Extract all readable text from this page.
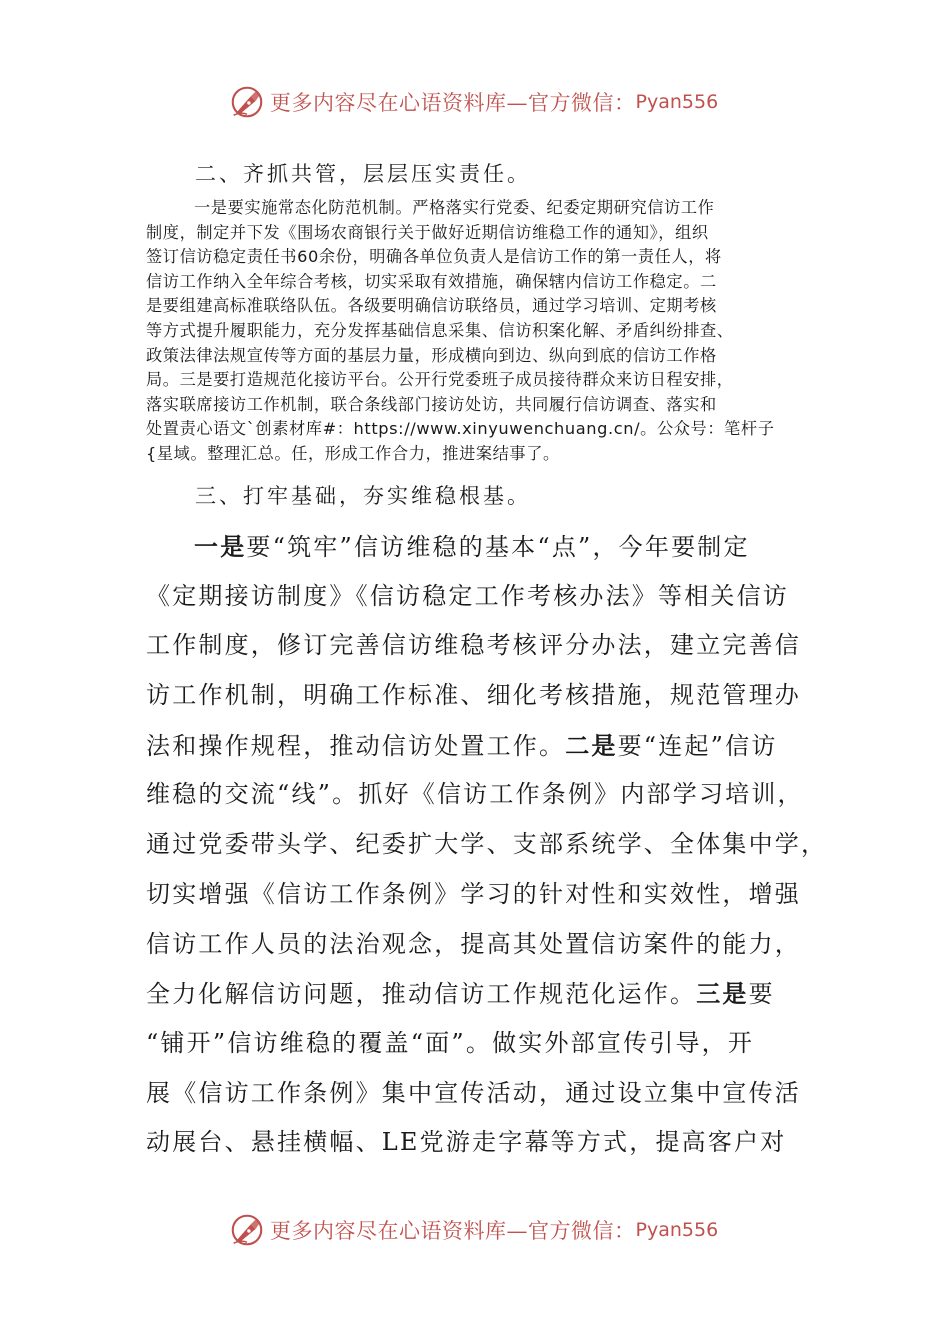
更多内容尽在心语资料库—官方微信： Pyan556
二、齐抓共管，层层压实责任。
一是要实施常态化防范机制。严格落实行党委、纪委定期研究信访工作
制度，制定并下发《围场农商银行关于做好近期信访维稳工作的通知》，组织
签订信访稳定责任书60余份，明确各单位负责人是信访工作的第一责任人，将
信访工作纳入全年综合考核，切实采取有效措施，确保辖内信访工作稳定。二
是要组建高标准联络队伍。各级要明确信访联络员，通过学习培训、定期考核
等方式提升履职能力，充分发挥基础信息采集、信访积案化解、矛盾纠纷排查、
政策法律法规宣传等方面的基层力量，形成横向到边、纵向到底的信访工作格
局。三是要打造规范化接访平台。公开行党委班子成员接待群众来访日程安排，
落实联席接访工作机制，联合条线部门接访处访，共同履行信访调查、落实和
处置责心语文`创素材库#：https://www.xinyuwenchuang.cn/。公众号：笔杆子
{星域。整理汇总。任，形成工作合力，推进案结事了。
三、打牢基础，夯实维稳根基。
一是要“筑牢”信访维稳的基本“点”，今年要制定
《定期接访制度》《信访稳定工作考核办法》等相关信访
工作制度，修订完善信访维稳考核评分办法，建立完善信
访工作机制，明确工作标准、细化考核措施，规范管理办
法和操作规程，推动信访处置工作。二是要“连起”信访
维稳的交流“线”。抓好《信访工作条例》内部学习培训，
通过党委带头学、纪委扩大学、支部系统学、全体集中学，
切实增强《信访工作条例》学习的针对性和实效性，增强
信访工作人员的法治观念，提高其处置信访案件的能力，
全力化解信访问题，推动信访工作规范化运作。三是要
“铺开”信访维稳的覆盖“面”。做实外部宣传引导，开
展《信访工作条例》集中宣传活动，通过设立集中宣传活
动展台、悬挂横幅、LE党游走字幕等方式，提高客户对
更多内容尽在心语资料库—官方微信： Pyan556
